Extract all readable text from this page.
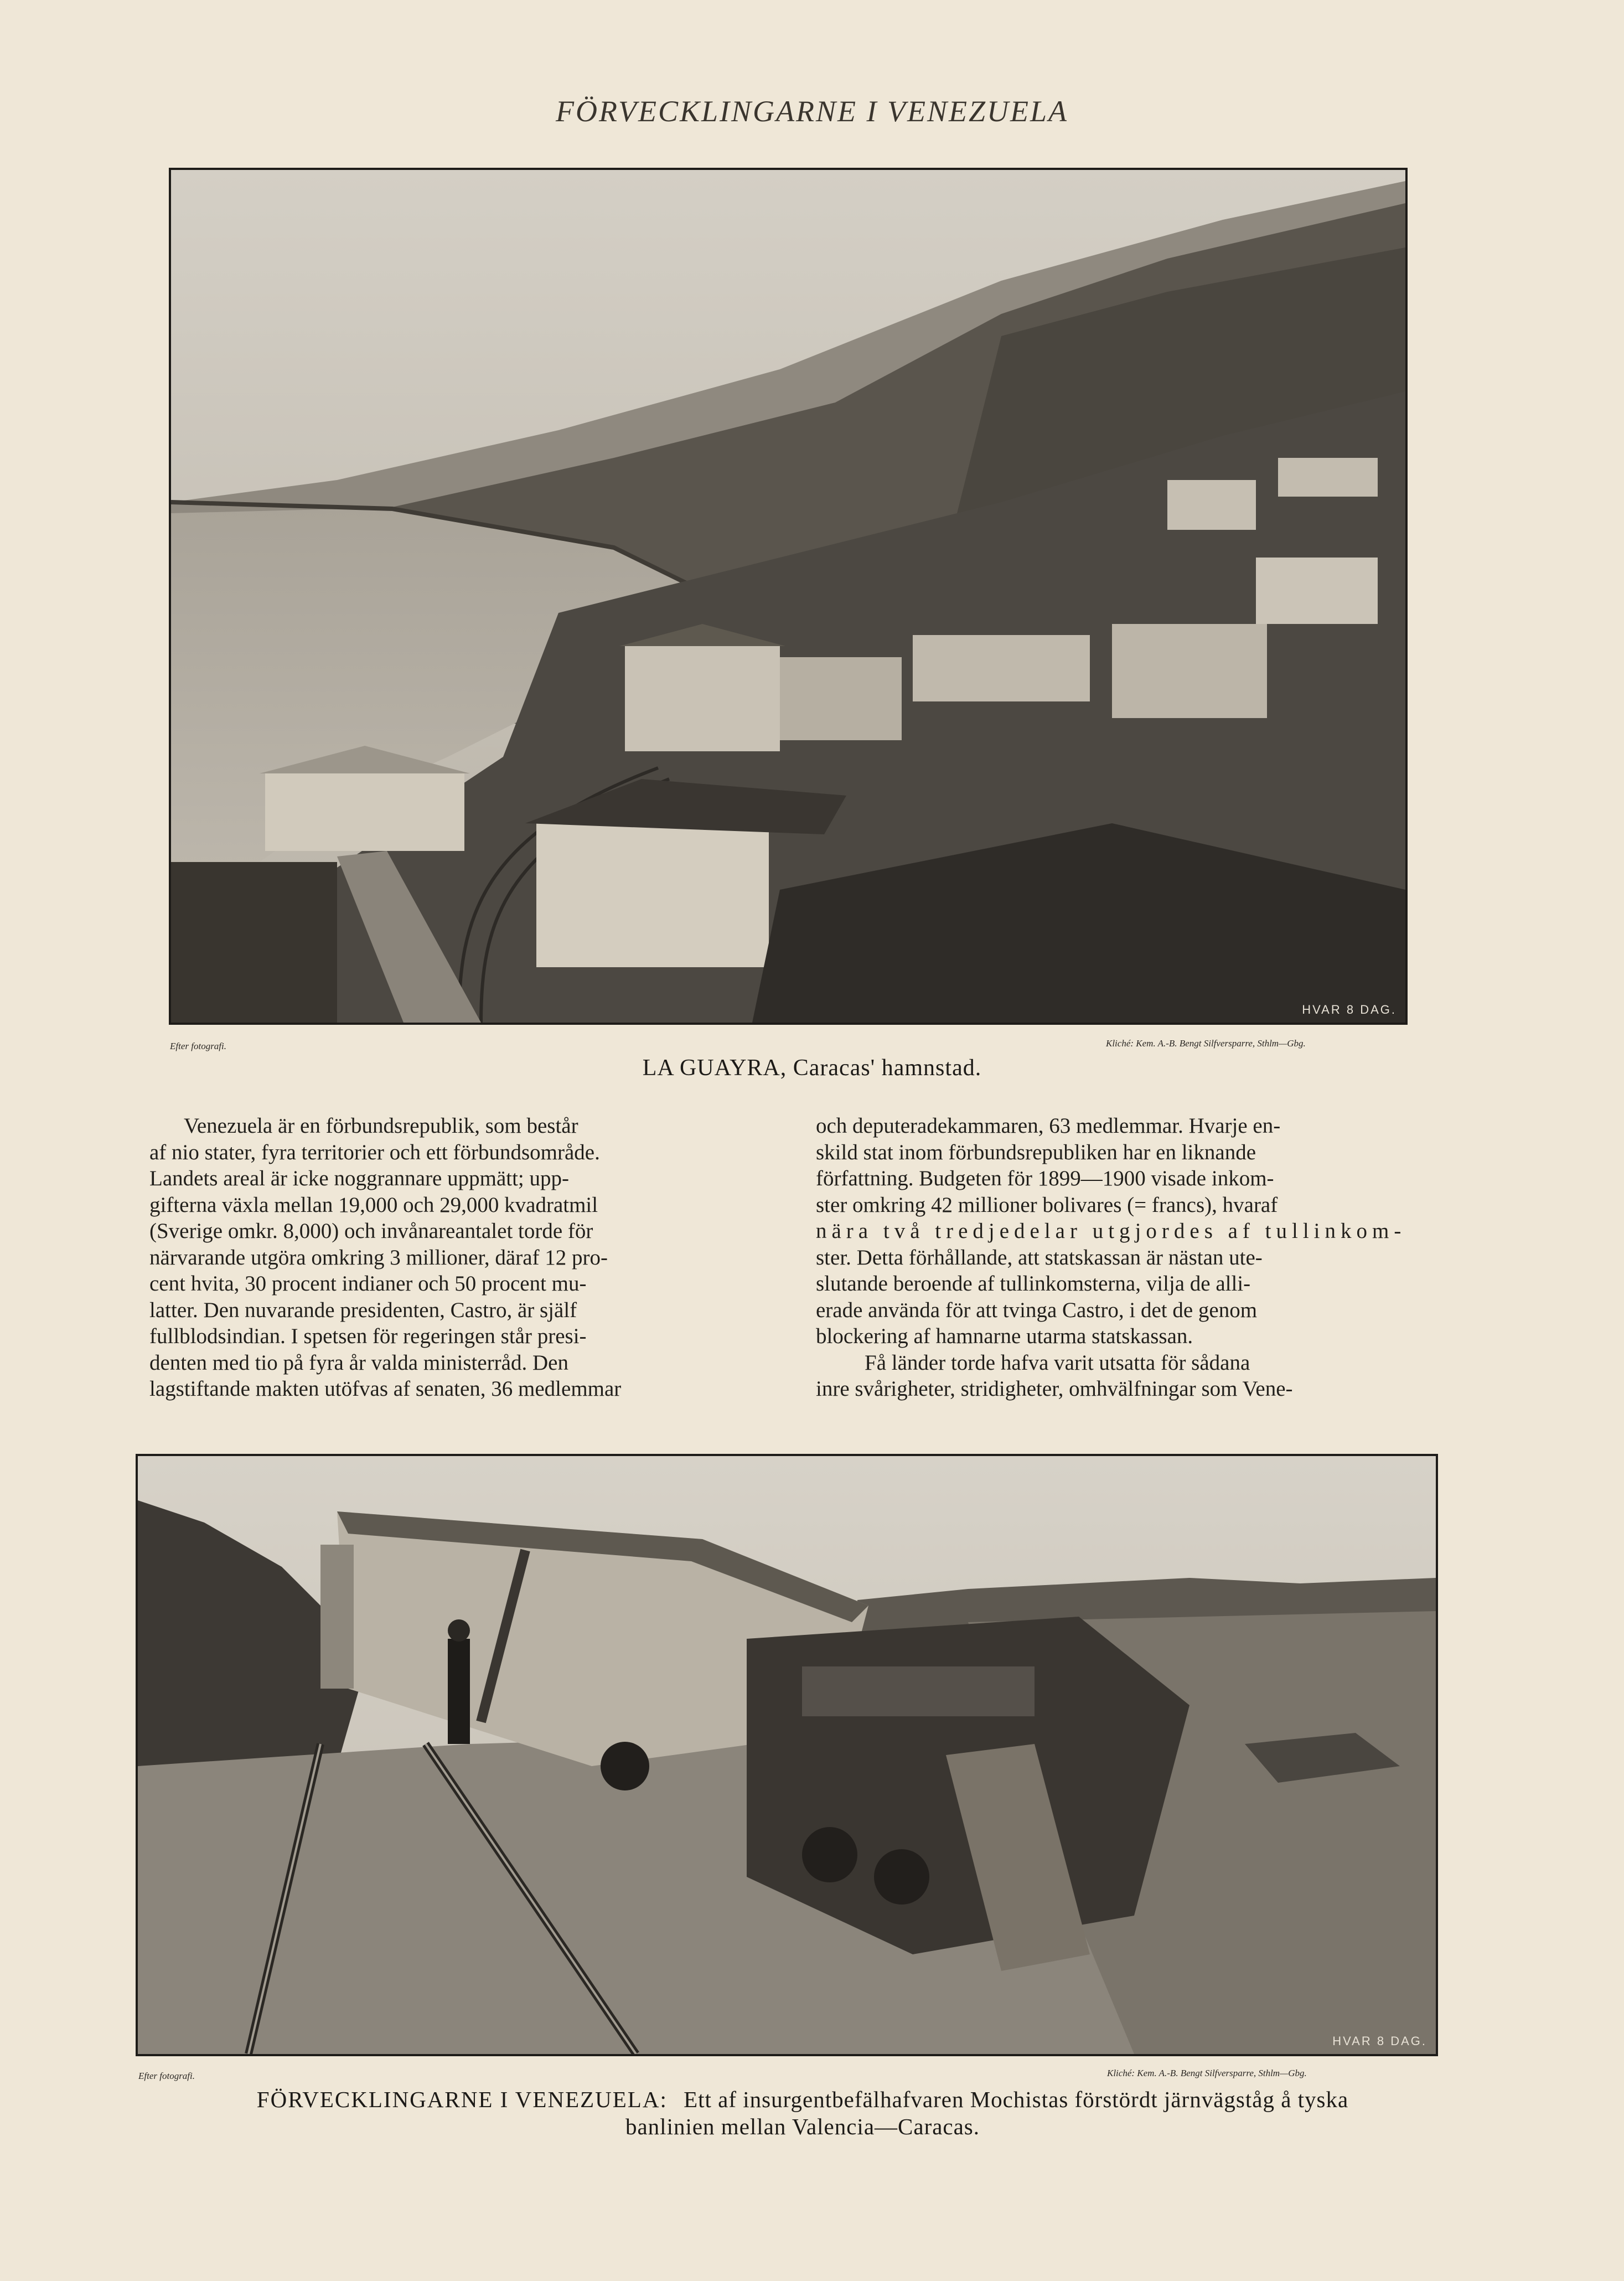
FÖRVECKLINGARNE I VENEZUELA
HVAR 8 DAG.
Efter fotografi.	Kliché: Kem. A.-B. Bengt Silfversparre, Sthlm—Gbg.
LA GUAYRA, Caracas' hamnstad.

Venezuela är en förbundsrepublik, som består
af nio stater, fyra territorier och ett förbundsområde.
Landets areal är icke noggrannare uppmätt; upp-
gifterna växla mellan 19,000 och 29,000 kvadratmil
(Sverige omkr. 8,000) och invånareantalet torde för
närvarande utgöra omkring 3 millioner, däraf 12 pro-
cent hvita, 30 procent indianer och 50 procent mu-
latter. Den nuvarande presidenten, Castro, är själf
fullblodsindian. I spetsen för regeringen står presi-
denten med tio på fyra år valda ministerråd. Den
lagstiftande makten utöfvas af senaten, 36 medlemmar

och deputeradekammaren, 63 medlemmar. Hvarje en-
skild stat inom förbundsrepubliken har en liknande
författning. Budgeten för 1899—1900 visade inkom-
ster omkring 42 millioner bolivares (= francs), hvaraf
nära två tredjedelar utgjordes af tullinkom-
ster. Detta förhållande, att statskassan är nästan ute-
slutande beroende af tullinkomsterna, vilja de alli-
erade använda för att tvinga Castro, i det de genom
blockering af hamnarne utarma statskassan.
Få länder torde hafva varit utsatta för sådana
inre svårigheter, stridigheter, omhvälfningar som Vene-

HVAR 8 DAG.
Efter fotografi.	Kliché: Kem. A.-B. Bengt Silfversparre, Sthlm—Gbg.
FÖRVECKLINGARNE I VENEZUELA: Ett af insurgentbefälhafvaren Mochistas förstördt järnvägståg å tyska
banlinien mellan Valencia—Caracas.
